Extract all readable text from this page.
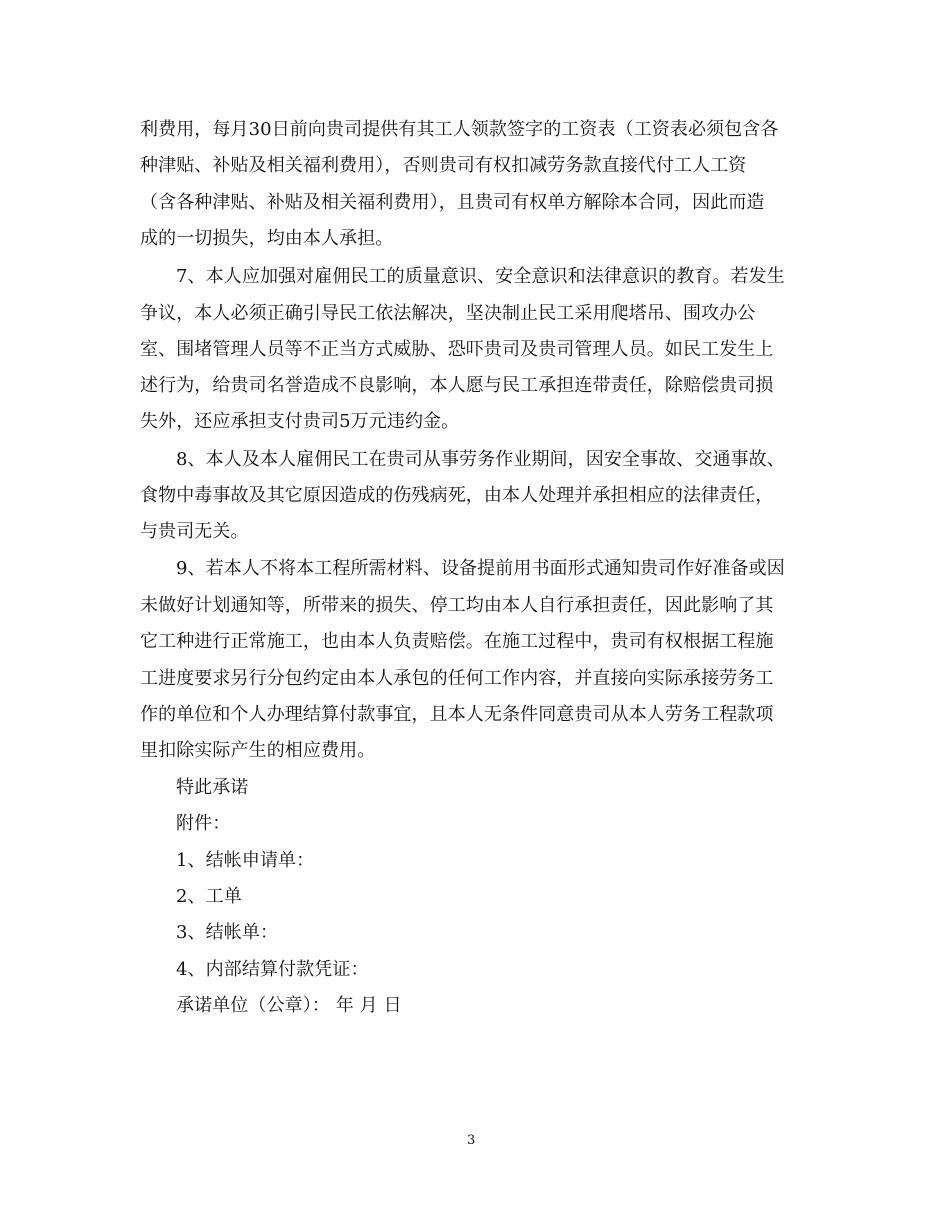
利费用，每月30日前向贵司提供有其工人领款签字的工资表（工资表必须包含各
种津贴、补贴及相关福利费用），否则贵司有权扣减劳务款直接代付工人工资
（含各种津贴、补贴及相关福利费用），且贵司有权单方解除本合同，因此而造
成的一切损失，均由本人承担。
7、本人应加强对雇佣民工的质量意识、安全意识和法律意识的教育。若发生
争议，本人必须正确引导民工依法解决，坚决制止民工采用爬塔吊、围攻办公
室、围堵管理人员等不正当方式威胁、恐吓贵司及贵司管理人员。如民工发生上
述行为，给贵司名誉造成不良影响，本人愿与民工承担连带责任，除赔偿贵司损
失外，还应承担支付贵司5万元违约金。
8、本人及本人雇佣民工在贵司从事劳务作业期间，因安全事故、交通事故、
食物中毒事故及其它原因造成的伤残病死，由本人处理并承担相应的法律责任，
与贵司无关。
9、若本人不将本工程所需材料、设备提前用书面形式通知贵司作好准备或因
未做好计划通知等，所带来的损失、停工均由本人自行承担责任，因此影响了其
它工种进行正常施工，也由本人负责赔偿。在施工过程中，贵司有权根据工程施
工进度要求另行分包约定由本人承包的任何工作内容，并直接向实际承接劳务工
作的单位和个人办理结算付款事宜，且本人无条件同意贵司从本人劳务工程款项
里扣除实际产生的相应费用。
特此承诺
附件：
1、结帐申请单：
2、工单
3、结帐单：
4、内部结算付款凭证：
承诺单位（公章）： 年 月 日
3
